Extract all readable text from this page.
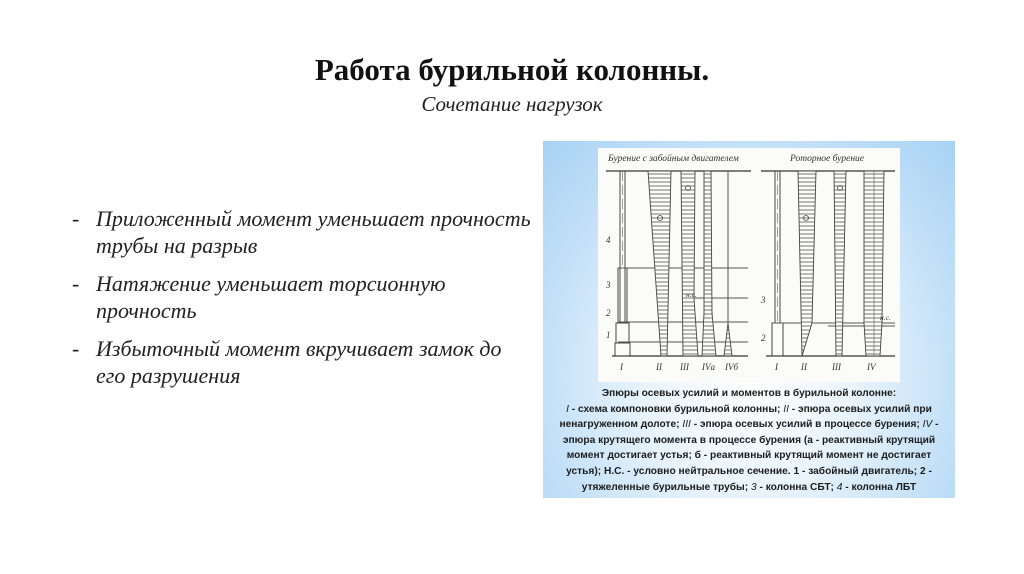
Работа бурильной колонны.
Сочетание нагрузок
- Приложенный момент уменьшает прочность трубы на разрыв
- Натяжение уменьшает торсионную прочность
- Избыточный момент вкручивает замок до его разрушения
Бурение с забойным двигателем	Роторное бурение
4
3
2
1
н.с.
I	II III IVа IVб
3
2
н.с.
I	II	III	IV
Эпюры осевых усилий и моментов в бурильной колонне:
I - схема компоновки бурильной колонны; II - эпюра осевых усилий при ненагруженном долоте; III - эпюра осевых усилий в процессе бурения; IV - эпюра крутящего момента в процессе бурения (а - реактивный крутящий момент достигает устья; б - реактивный крутящий момент не достигает устья); Н.С. - условно нейтральное сечение. 1 - забойный двигатель; 2 - утяжеленные бурильные трубы; 3 - колонна СБТ; 4 - колонна ЛБТ
